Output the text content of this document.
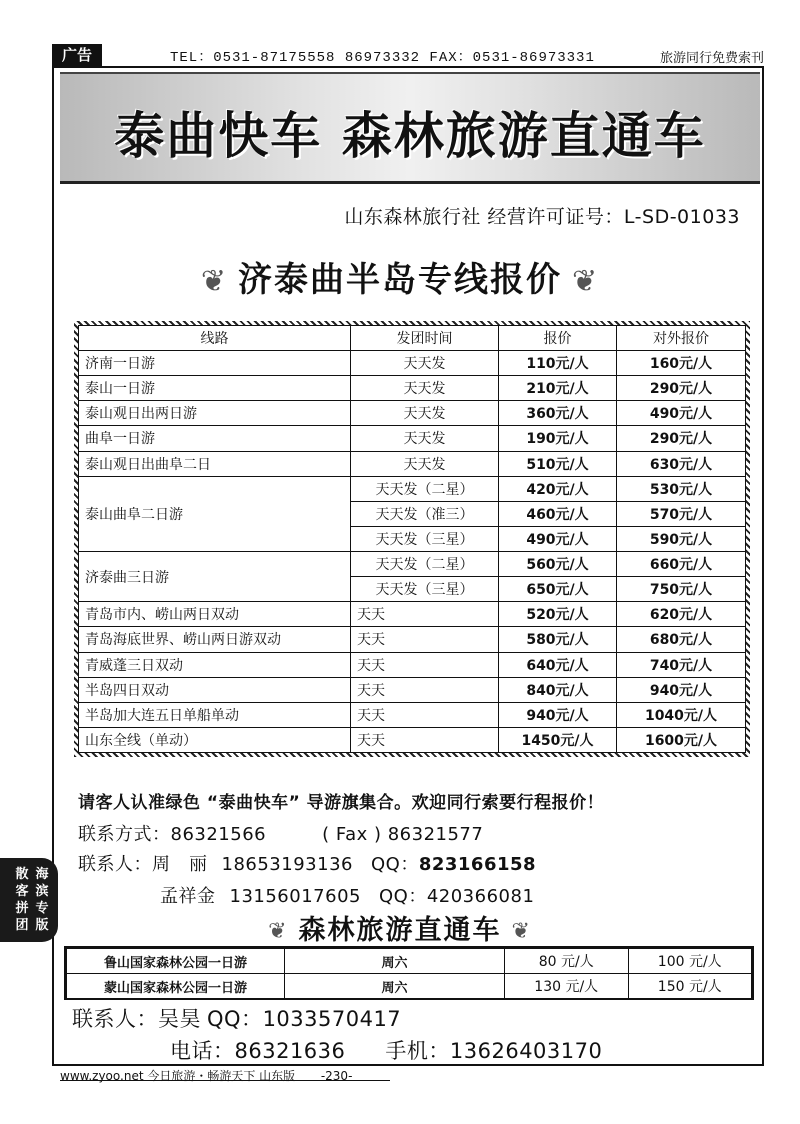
广告	TEL：0531-87175558 86973332 FAX：0531-86973331	旅游同行免费索刊
泰曲快车 森林旅游直通车
山东森林旅行社 经营许可证号：L-SD-01033
❦ 济泰曲半岛专线报价 ❦
线路	发团时间	报价	对外报价
济南一日游	天天发	110元/人	160元/人
泰山一日游	天天发	210元/人	290元/人
泰山观日出两日游	天天发	360元/人	490元/人
曲阜一日游	天天发	190元/人	290元/人
泰山观日出曲阜二日	天天发	510元/人	630元/人
泰山曲阜二日游	天天发（二星）	420元/人	530元/人
	天天发（准三）	460元/人	570元/人
	天天发（三星）	490元/人	590元/人
济泰曲三日游	天天发（二星）	560元/人	660元/人
	天天发（三星）	650元/人	750元/人
青岛市内、崂山两日双动	天天	520元/人	620元/人
青岛海底世界、崂山两日游双动	天天	580元/人	680元/人
青威蓬三日双动	天天	640元/人	740元/人
半岛四日双动	天天	840元/人	940元/人
半岛加大连五日单船单动	天天	940元/人	1040元/人
山东全线（单动）	天天	1450元/人	1600元/人
请客人认准绿色 “泰曲快车” 导游旗集合。欢迎同行索要行程报价！
联系方式：86321566	( Fax ) 86321577
联系人：周　丽 18653193136 QQ：823166158
孟祥金 13156017605 QQ：420366081
散客拼团
海滨专版	❦ 森林旅游直通车 ❦
鲁山国家森林公园一日游	周六	80 元/人	100 元/人
蒙山国家森林公园一日游	周六	130 元/人	150 元/人
联系人：吴昊 QQ：1033570417
电话：86321636 手机：13626403170
www.zyoo.net 今日旅游・畅游天下 山东版 -230-
